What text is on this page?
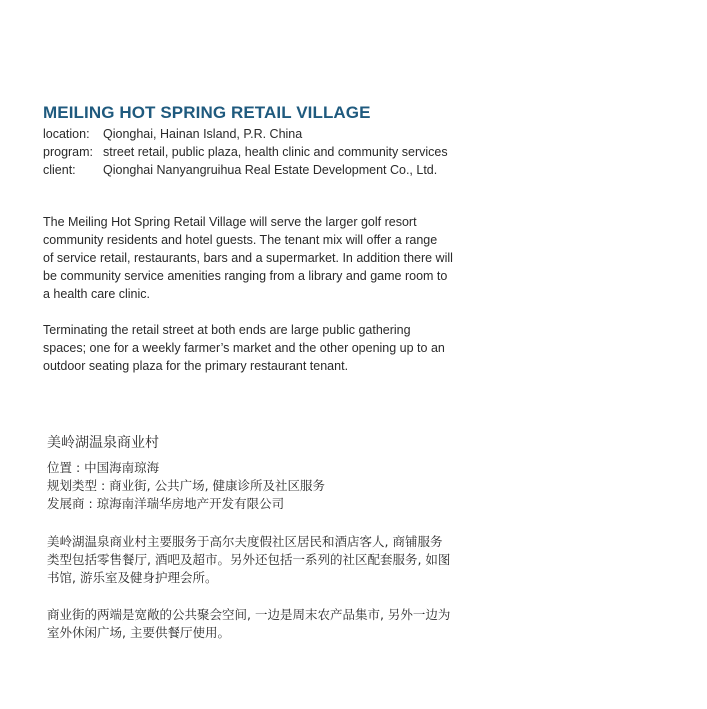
MEILING HOT SPRING RETAIL VILLAGE
location:	Qionghai, Hainan Island, P.R. China
program: street retail, public plaza, health clinic and community services
client:	Qionghai Nanyangruihua Real Estate Development Co., Ltd.

The Meiling Hot Spring Retail Village will serve the larger golf resort
community residents and hotel guests. The tenant mix will offer a range
of service retail, restaurants, bars and a supermarket. In addition there will
be community service amenities ranging from a library and game room to
a health care clinic.

Terminating the retail street at both ends are large public gathering
spaces; one for a weekly farmer’s market and the other opening up to an
outdoor seating plaza for the primary restaurant tenant.

美岭湖温泉商业村
位置 : 中国海南琼海
规划类型 : 商业街, 公共广场, 健康诊所及社区服务
发展商 : 琼海南洋瑞华房地产开发有限公司

美岭湖温泉商业村主要服务于高尔夫度假社区居民和酒店客人, 商铺服务
类型包括零售餐厅, 酒吧及超市。另外还包括一系列的社区配套服务, 如图
书馆, 游乐室及健身护理会所。

商业街的两端是宽敞的公共聚会空间, 一边是周末农产品集市, 另外一边为
室外休闲广场, 主要供餐厅使用。
